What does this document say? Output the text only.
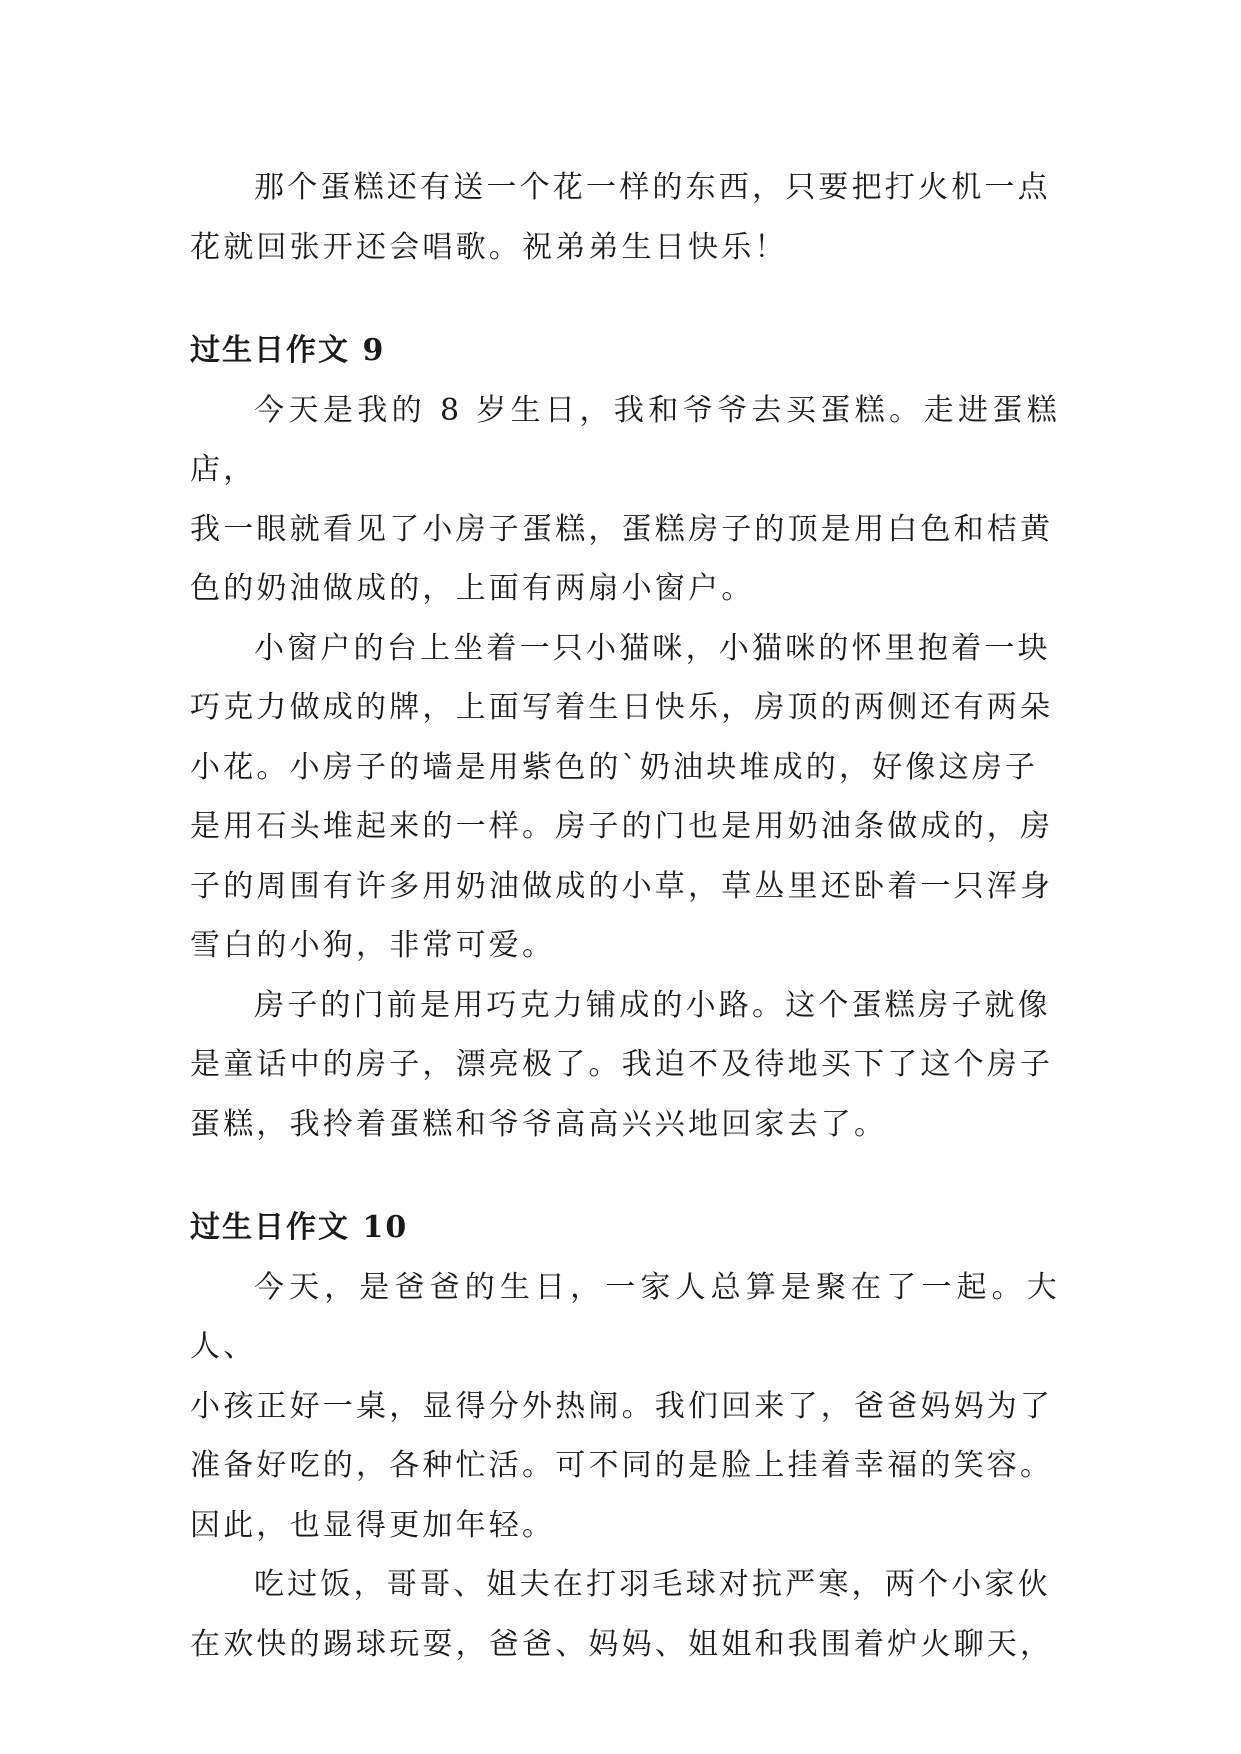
那个蛋糕还有送一个花一样的东西，只要把打火机一点
花就回张开还会唱歌。祝弟弟生日快乐！

过生日作文 9

今天是我的 8 岁生日，我和爷爷去买蛋糕。走进蛋糕店，
我一眼就看见了小房子蛋糕，蛋糕房子的顶是用白色和桔黄
色的奶油做成的，上面有两扇小窗户。

小窗户的台上坐着一只小猫咪，小猫咪的怀里抱着一块
巧克力做成的牌，上面写着生日快乐，房顶的两侧还有两朵
小花。小房子的墙是用紫色的`奶油块堆成的，好像这房子
是用石头堆起来的一样。房子的门也是用奶油条做成的，房
子的周围有许多用奶油做成的小草，草丛里还卧着一只浑身
雪白的小狗，非常可爱。

房子的门前是用巧克力铺成的小路。这个蛋糕房子就像
是童话中的房子，漂亮极了。我迫不及待地买下了这个房子
蛋糕，我拎着蛋糕和爷爷高高兴兴地回家去了。

过生日作文 10

今天，是爸爸的生日，一家人总算是聚在了一起。大人、
小孩正好一桌，显得分外热闹。我们回来了，爸爸妈妈为了
准备好吃的，各种忙活。可不同的是脸上挂着幸福的笑容。
因此，也显得更加年轻。

吃过饭，哥哥、姐夫在打羽毛球对抗严寒，两个小家伙
在欢快的踢球玩耍，爸爸、妈妈、姐姐和我围着炉火聊天，
